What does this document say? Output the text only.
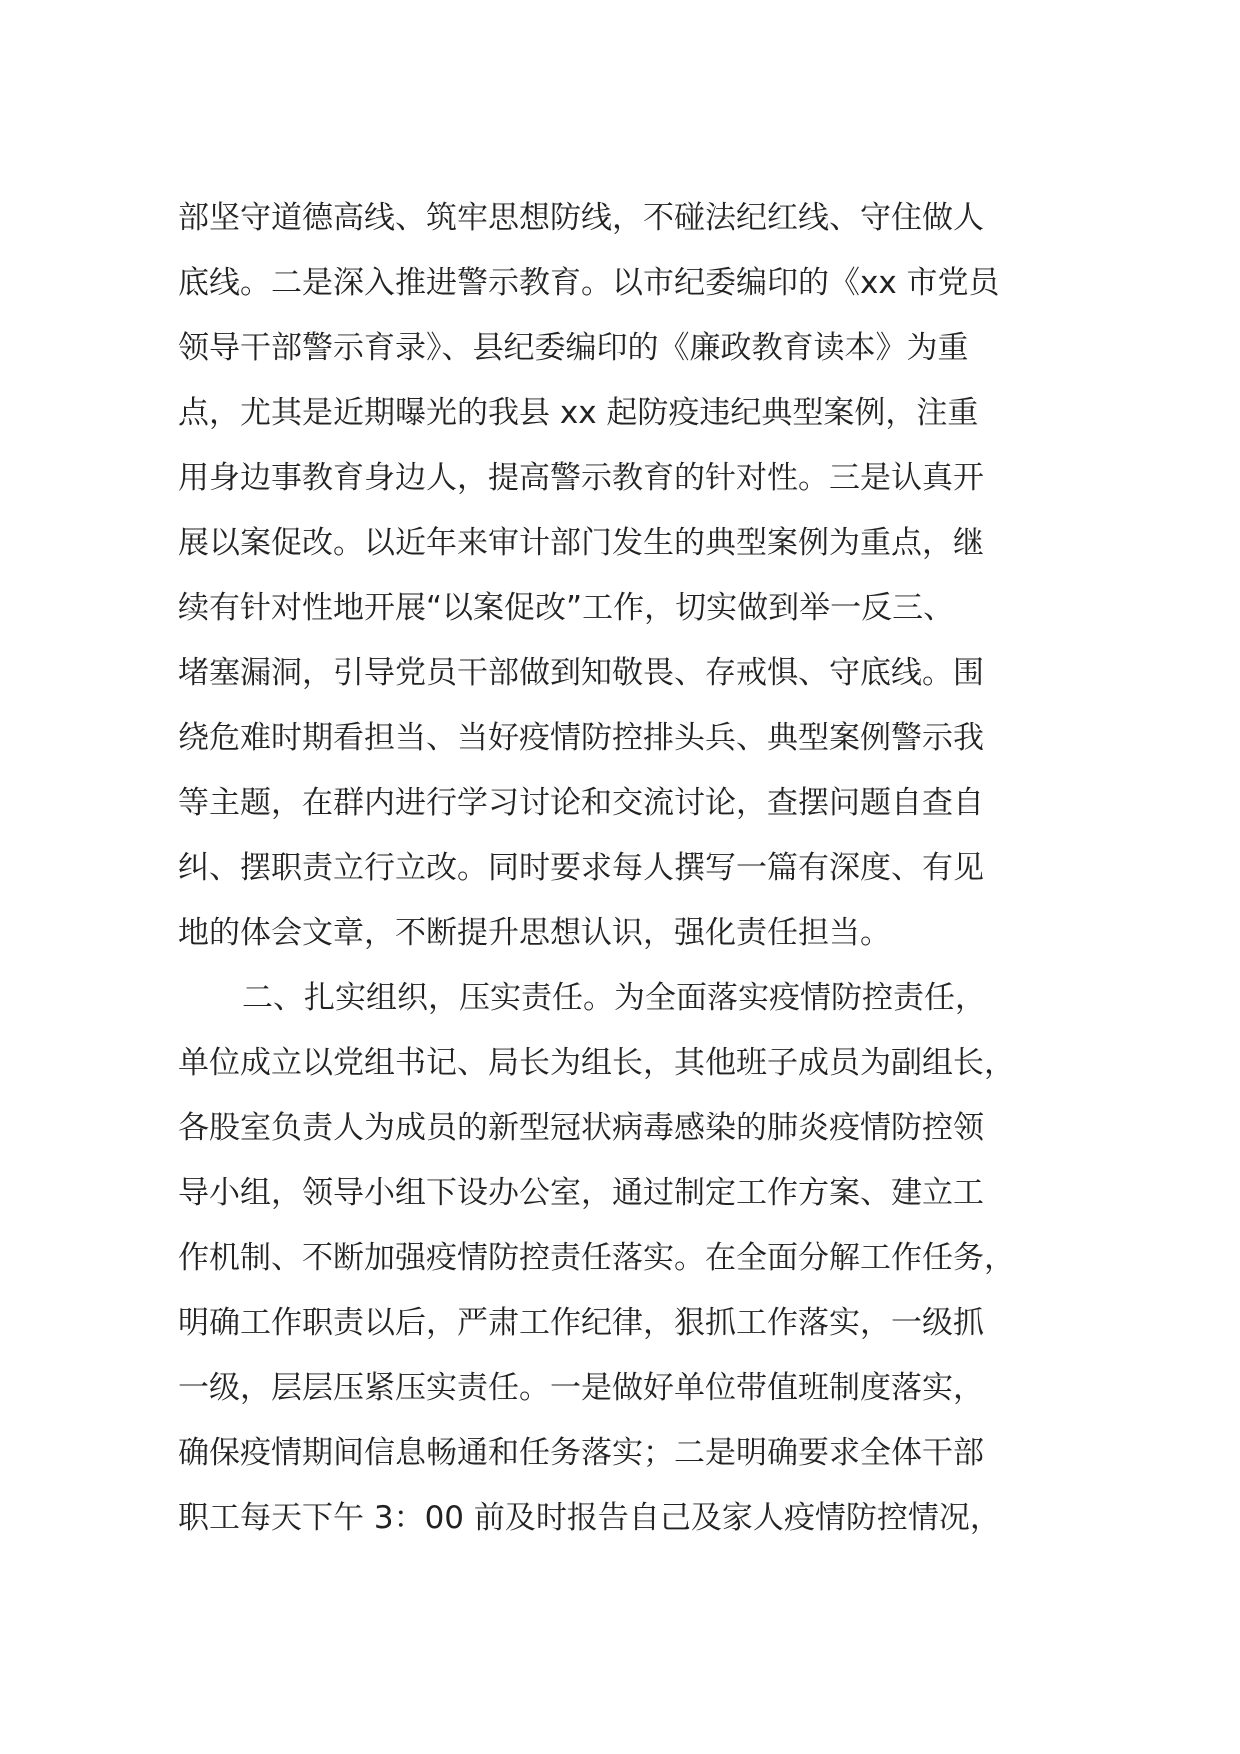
部坚守道德高线、筑牢思想防线，不碰法纪红线、守住做人
底线。二是深入推进警示教育。以市纪委编印的《xx 市党员
领导干部警示育录》、县纪委编印的《廉政教育读本》为重
点，尤其是近期曝光的我县 xx 起防疫违纪典型案例，注重
用身边事教育身边人，提高警示教育的针对性。三是认真开
展以案促改。以近年来审计部门发生的典型案例为重点，继
续有针对性地开展“以案促改”工作，切实做到举一反三、
堵塞漏洞，引导党员干部做到知敬畏、存戒惧、守底线。围
绕危难时期看担当、当好疫情防控排头兵、典型案例警示我
等主题，在群内进行学习讨论和交流讨论，查摆问题自查自
纠、摆职责立行立改。同时要求每人撰写一篇有深度、有见
地的体会文章，不断提升思想认识，强化责任担当。
二、扎实组织，压实责任。为全面落实疫情防控责任，
单位成立以党组书记、局长为组长，其他班子成员为副组长，
各股室负责人为成员的新型冠状病毒感染的肺炎疫情防控领
导小组，领导小组下设办公室，通过制定工作方案、建立工
作机制、不断加强疫情防控责任落实。在全面分解工作任务，
明确工作职责以后，严肃工作纪律，狠抓工作落实，一级抓
一级，层层压紧压实责任。一是做好单位带值班制度落实，
确保疫情期间信息畅通和任务落实；二是明确要求全体干部
职工每天下午 3：00 前及时报告自己及家人疫情防控情况，
